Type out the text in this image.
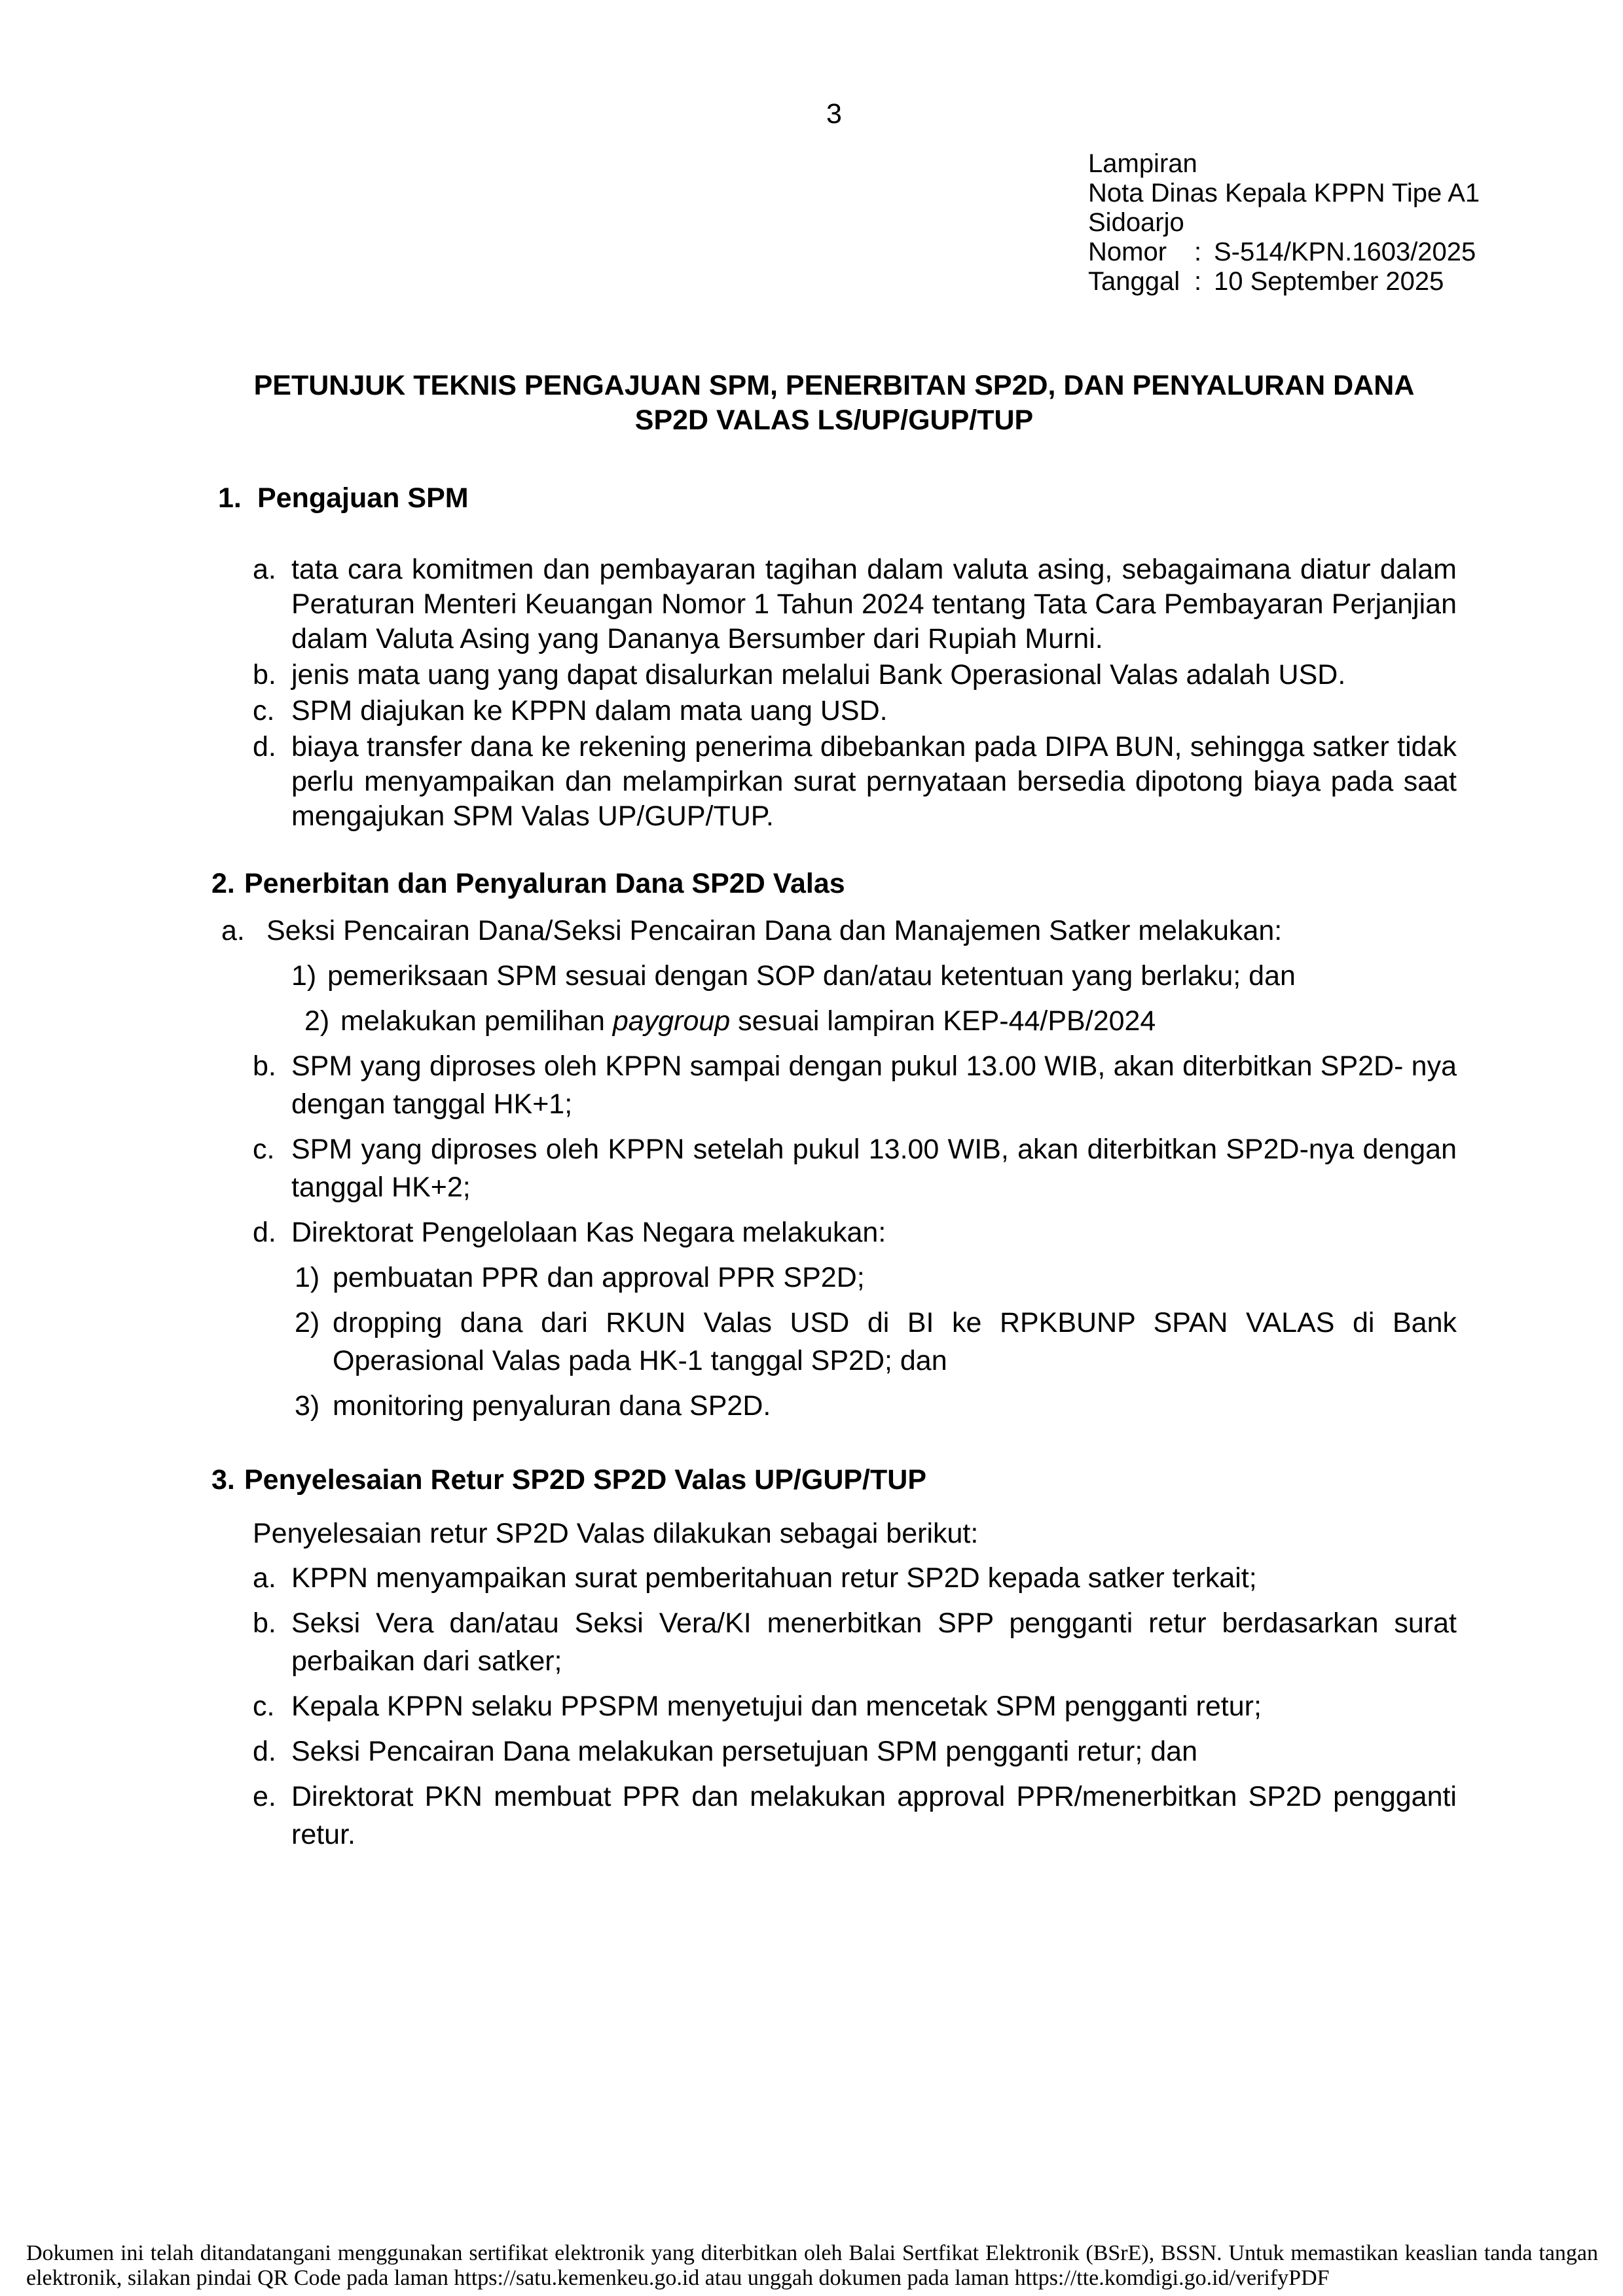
3
Lampiran
Nota Dinas Kepala KPPN Tipe A1
Sidoarjo
Nomor	: S-514/KPN.1603/2025
Tanggal : 10 September 2025
PETUNJUK TEKNIS PENGAJUAN SPM, PENERBITAN SP2D, DAN PENYALURAN DANA
SP2D VALAS LS/UP/GUP/TUP
1. Pengajuan SPM
a. tata cara komitmen dan pembayaran tagihan dalam valuta asing, sebagaimana diatur dalam Peraturan Menteri Keuangan Nomor 1 Tahun 2024 tentang Tata Cara Pembayaran Perjanjian dalam Valuta Asing yang Dananya Bersumber dari Rupiah Murni.
b. jenis mata uang yang dapat disalurkan melalui Bank Operasional Valas adalah USD.
c. SPM diajukan ke KPPN dalam mata uang USD.
d. biaya transfer dana ke rekening penerima dibebankan pada DIPA BUN, sehingga satker tidak perlu menyampaikan dan melampirkan surat pernyataan bersedia dipotong biaya pada saat mengajukan SPM Valas UP/GUP/TUP.
2. Penerbitan dan Penyaluran Dana SP2D Valas
a. Seksi Pencairan Dana/Seksi Pencairan Dana dan Manajemen Satker melakukan:
1) pemeriksaan SPM sesuai dengan SOP dan/atau ketentuan yang berlaku; dan
2) melakukan pemilihan paygroup sesuai lampiran KEP-44/PB/2024
b. SPM yang diproses oleh KPPN sampai dengan pukul 13.00 WIB, akan diterbitkan SP2D- nya dengan tanggal HK+1;
c. SPM yang diproses oleh KPPN setelah pukul 13.00 WIB, akan diterbitkan SP2D-nya dengan tanggal HK+2;
d. Direktorat Pengelolaan Kas Negara melakukan:
1) pembuatan PPR dan approval PPR SP2D;
2) dropping dana dari RKUN Valas USD di BI ke RPKBUNP SPAN VALAS di Bank Operasional Valas pada HK-1 tanggal SP2D; dan
3) monitoring penyaluran dana SP2D.
3. Penyelesaian Retur SP2D SP2D Valas UP/GUP/TUP
Penyelesaian retur SP2D Valas dilakukan sebagai berikut:
a. KPPN menyampaikan surat pemberitahuan retur SP2D kepada satker terkait;
b. Seksi Vera dan/atau Seksi Vera/KI menerbitkan SPP pengganti retur berdasarkan surat perbaikan dari satker;
c. Kepala KPPN selaku PPSPM menyetujui dan mencetak SPM pengganti retur;
d. Seksi Pencairan Dana melakukan persetujuan SPM pengganti retur; dan
e. Direktorat PKN membuat PPR dan melakukan approval PPR/menerbitkan SP2D pengganti retur.
Dokumen ini telah ditandatangani menggunakan sertifikat elektronik yang diterbitkan oleh Balai Sertfikat Elektronik (BSrE), BSSN. Untuk memastikan keaslian tanda tangan elektronik, silakan pindai QR Code pada laman https://satu.kemenkeu.go.id atau unggah dokumen pada laman https://tte.komdigi.go.id/verifyPDF
